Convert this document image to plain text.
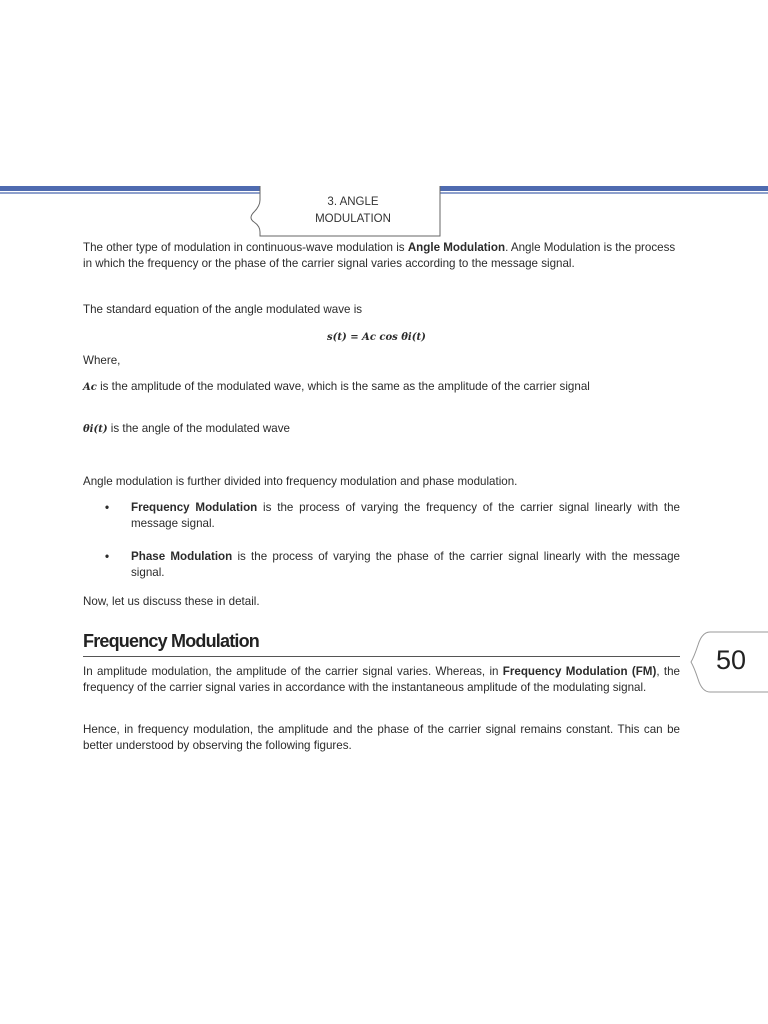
3. ANGLE
MODULATION

The other type of modulation in continuous-wave modulation is Angle Modulation. Angle Modulation is the process in which the frequency or the phase of the carrier signal varies according to the message signal.

The standard equation of the angle modulated wave is

s(t) = Ac cos θi(t)

Where,

Ac is the amplitude of the modulated wave, which is the same as the amplitude of the carrier signal

θi(t) is the angle of the modulated wave

Angle modulation is further divided into frequency modulation and phase modulation.

• Frequency Modulation is the process of varying the frequency of the carrier signal linearly with the message signal.
• Phase Modulation is the process of varying the phase of the carrier signal linearly with the message signal.

Now, let us discuss these in detail.

Frequency Modulation

In amplitude modulation, the amplitude of the carrier signal varies. Whereas, in Frequency Modulation (FM), the frequency of the carrier signal varies in accordance with the instantaneous amplitude of the modulating signal.

Hence, in frequency modulation, the amplitude and the phase of the carrier signal remains constant. This can be better understood by observing the following figures.

50
